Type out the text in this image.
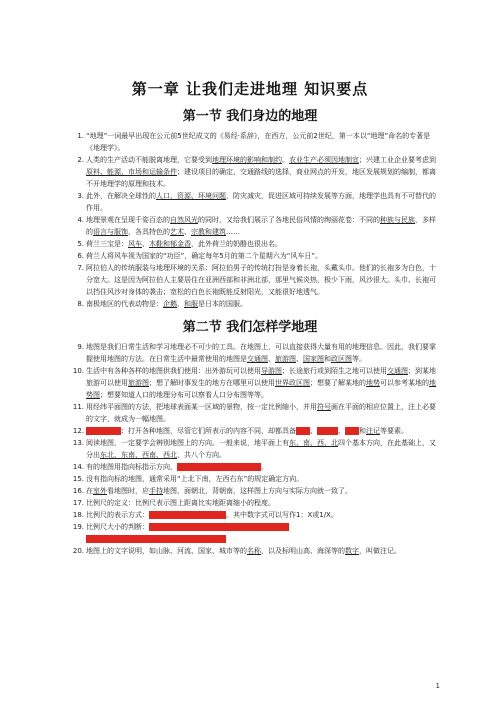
第一章 让我们走进地理 知识要点
第一节 我们身边的地理
1. “地理”一词最早出现在公元前5世纪成文的《易经·系辞》，在西方，公元前2世纪，第一本以“地理”命名的专著是《地理学》。
2. 人类的生产活动不能脱离地理，它要受到地理环境的影响和制约。农业生产必须因地制宜；兴建工业企业要考虑到原料、能源、市场和运输条件；建设项目的确定、交通路线的选择，商业网点的开发，地区发展规划的编制，都离不开地理学的原理和技术。
3. 此外，在解决全球性的人口、资源、环境问题，防灾减灾，促进区域可持续发展等方面，地理学也具有不可替代的作用。
4. 地理景观在呈现千姿百态的自然风光的同时，又给我们展示了各地民俗风情的绚丽花卷：不同的种族与民族，多样的语言与服饰，各具特色的艺术、宗教和建筑……
5. 荷兰三宝是：风车、木鞋和郁金香，此外荷兰的奶酪也很出名。
6. 荷兰人将风车视为国家的“功臣”，确定每年5月的第二个星期六为“风车日”。
7. 阿拉伯人的传统服装与地理环境的关系：阿拉伯男子的传统打扮是身着长袍，头戴头巾。他们的长袍多为白色，十分宽大。这是因为阿拉伯人主要居住在亚洲西部和非洲北部，那里气候炎热，极少下雨，风沙很大。头巾、长袍可以挡住风沙对身体的袭击；宽松的白色长袍既能反射阳光，又能很好地透气。
8. 南极地区的代表动物是：企鹅，和服是日本的国服。
第二节 我们怎样学地理
9. 地图是我们日常生活和学习地理必不可少的工具。在地图上，可以直接获得大量有用的地理信息。因此，我们要掌握使用地图的方法。在日常生活中最常使用的地图是交通图、旅游图、国家图和政区图等。
10. 生活中有各种各样的地图供我们使用：出外游玩可以使用导游图；长途旅行或到陌生之地可以使用交通图；到某地旅游可以使用旅游图；想了解时事发生的地方在哪里可以使用世界政区图；想要了解某地的地势可以参考某地的地势图；想要知道人口的地理分布可以察看人口分布图等等。
11. 用经纬平面图的方法，把地球表面某一区域的景物，按一定比例缩小，并用符号画在平面的相应位置上，注上必要的文字，就成为一幅地图。
12. 地图三要素：打开各种地图，尽管它们所表示的内容不同，却都具备方向、比例尺、图例和注记等要素。
13. 阅读地图，一定要学会辨别地图上的方向。一般来说，地平面上有东、南、西、北四个基本方向，在此基础上，又分出东北、东南、西南、西北，共八个方向。
14. 有的地图用指向标指示方向，指向标的箭头一般指向北方。
15. 没有指向标的地图，通常采用“上北下南，左西右东”的规定确定方向。
16. 在室外看地图时，应手持地图，面朝北，背朝南，这样图上方向与实际方向就一致了。
17. 比例尺的定义：比例尺表示图上距离比实地距离缩小的程度。
18. 比例尺的表示方式：数字式、文字式、线段式。其中数字式可以写作1：X或1/X。
19. 比例尺大小的判断：a.比例尺越大，表示的范围越小，内容越详细
b.比例尺越小，表示的范围越大，内容越简略
20. 地图上的文字说明，如山脉、河流、国家、城市等的名称，以及标明山高、海深等的数字，叫做注记。
1
